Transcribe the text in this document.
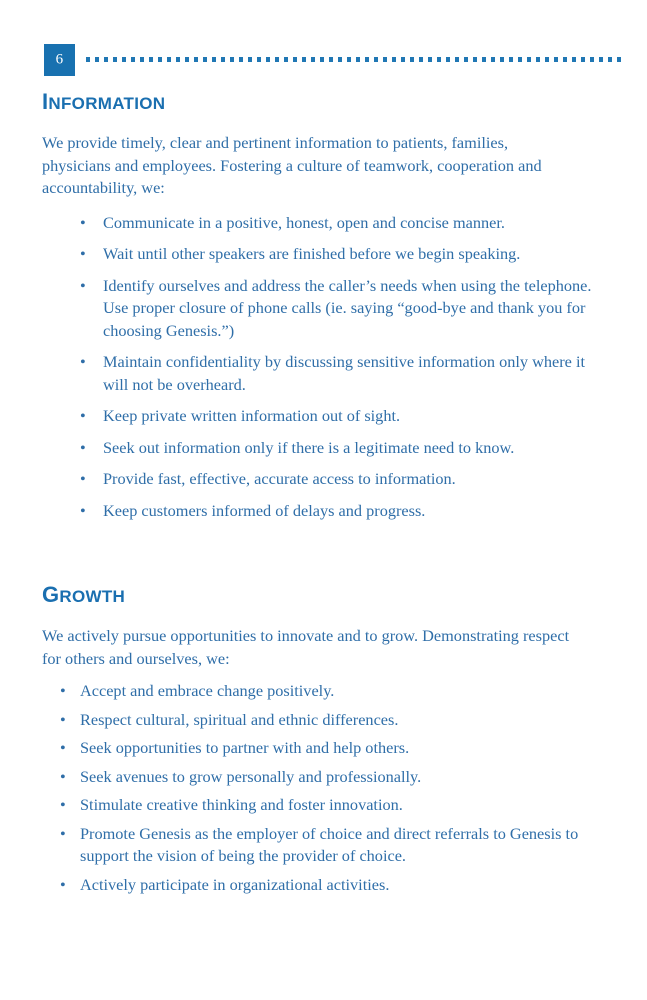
6
INFORMATION

We provide timely, clear and pertinent information to patients, families, physicians and employees. Fostering a culture of teamwork, cooperation and accountability, we:

• Communicate in a positive, honest, open and concise manner.
• Wait until other speakers are finished before we begin speaking.
• Identify ourselves and address the caller’s needs when using the telephone. Use proper closure of phone calls (ie. saying “good-bye and thank you for choosing Genesis.”)
• Maintain confidentiality by discussing sensitive information only where it will not be overheard.
• Keep private written information out of sight.
• Seek out information only if there is a legitimate need to know.
• Provide fast, effective, accurate access to information.
• Keep customers informed of delays and progress.
GROWTH

We actively pursue opportunities to innovate and to grow. Demonstrating respect for others and ourselves, we:

• Accept and embrace change positively.
• Respect cultural, spiritual and ethnic differences.
• Seek opportunities to partner with and help others.
• Seek avenues to grow personally and professionally.
• Stimulate creative thinking and foster innovation.
• Promote Genesis as the employer of choice and direct referrals to Genesis to support the vision of being the provider of choice.
• Actively participate in organizational activities.
